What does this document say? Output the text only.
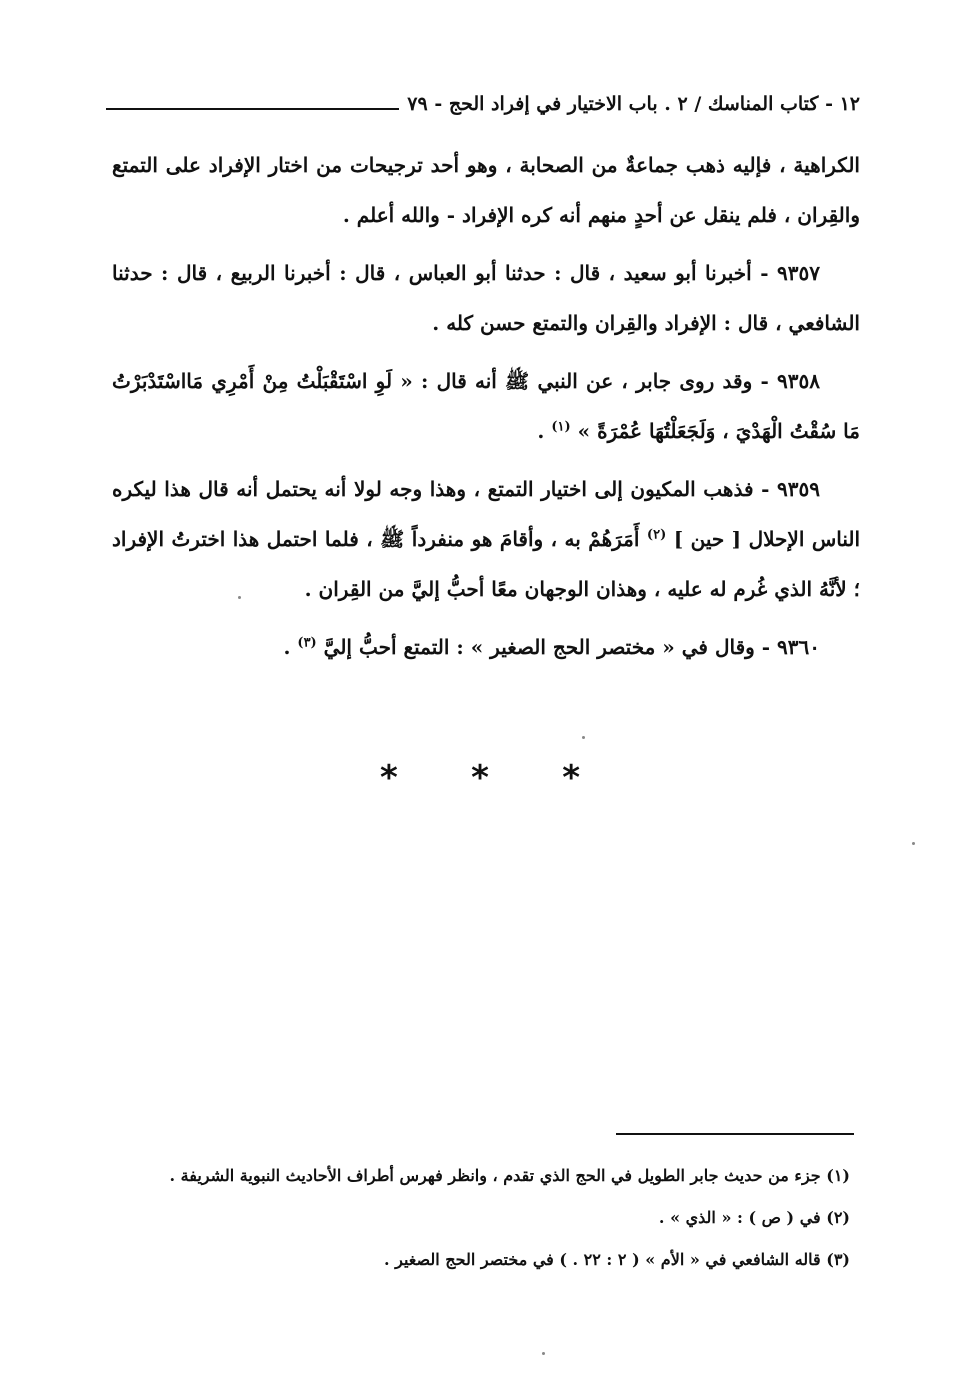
١٢ - كتاب المناسك / ٢ . باب الاختيار في إفراد الحج - ٧٩

الكراهية ، فإليه ذهب جماعةٌ من الصحابة ، وهو أحد ترجيحات من اختار الإفراد على التمتع والقِران ، فلم ينقل عن أحدٍ منهم أنه كره الإفراد - والله أعلم .

٩٣٥٧ - أخبرنا أبو سعيد ، قال : حدثنا أبو العباس ، قال : أخبرنا الربيع ، قال : حدثنا الشافعي ، قال : الإفراد والقِران والتمتع حسن كله .

٩٣٥٨ - وقد روى جابر ، عن النبي ﷺ أنه قال : « لَوِ اسْتَقْبَلْتُ مِنْ أَمْرِي مَااسْتَدْبَرْتُ مَا سُقْتُ الْهَدْيَ ، وَلَجَعَلْتُهَا عُمْرَةً » $^{(١)}$ .

٩٣٥٩ - فذهب المكيون إلى اختيار التمتع ، وهذا وجه لولا أنه يحتمل أنه قال هذا ليكره الناس الإحلال [ حين ] $^{(٢)}$ أَمَرَهُمْ به ، وأقامَ هو منفرداً ﷺ ، فلما احتمل هذا اخترتُ الإفراد ؛ لأنَّهُ الذي غُرم له عليه ، وهذان الوجهان معًا أحبُّ إليَّ من القِران .

٩٣٦٠ - وقال في « مختصر الحج الصغير » : التمتع أحبُّ إليَّ $^{(٣)}$ .

*
*
*

(١) جزء من حديث جابر الطويل في الحج الذي تقدم ، وانظر فهرس أطراف الأحاديث النبوية الشريفة .

(٢) في ( ص ) : « الذي » .

(٣) قاله الشافعي في « الأم » ( ٢ : ٢٢ . ) في مختصر الحج الصغير .
